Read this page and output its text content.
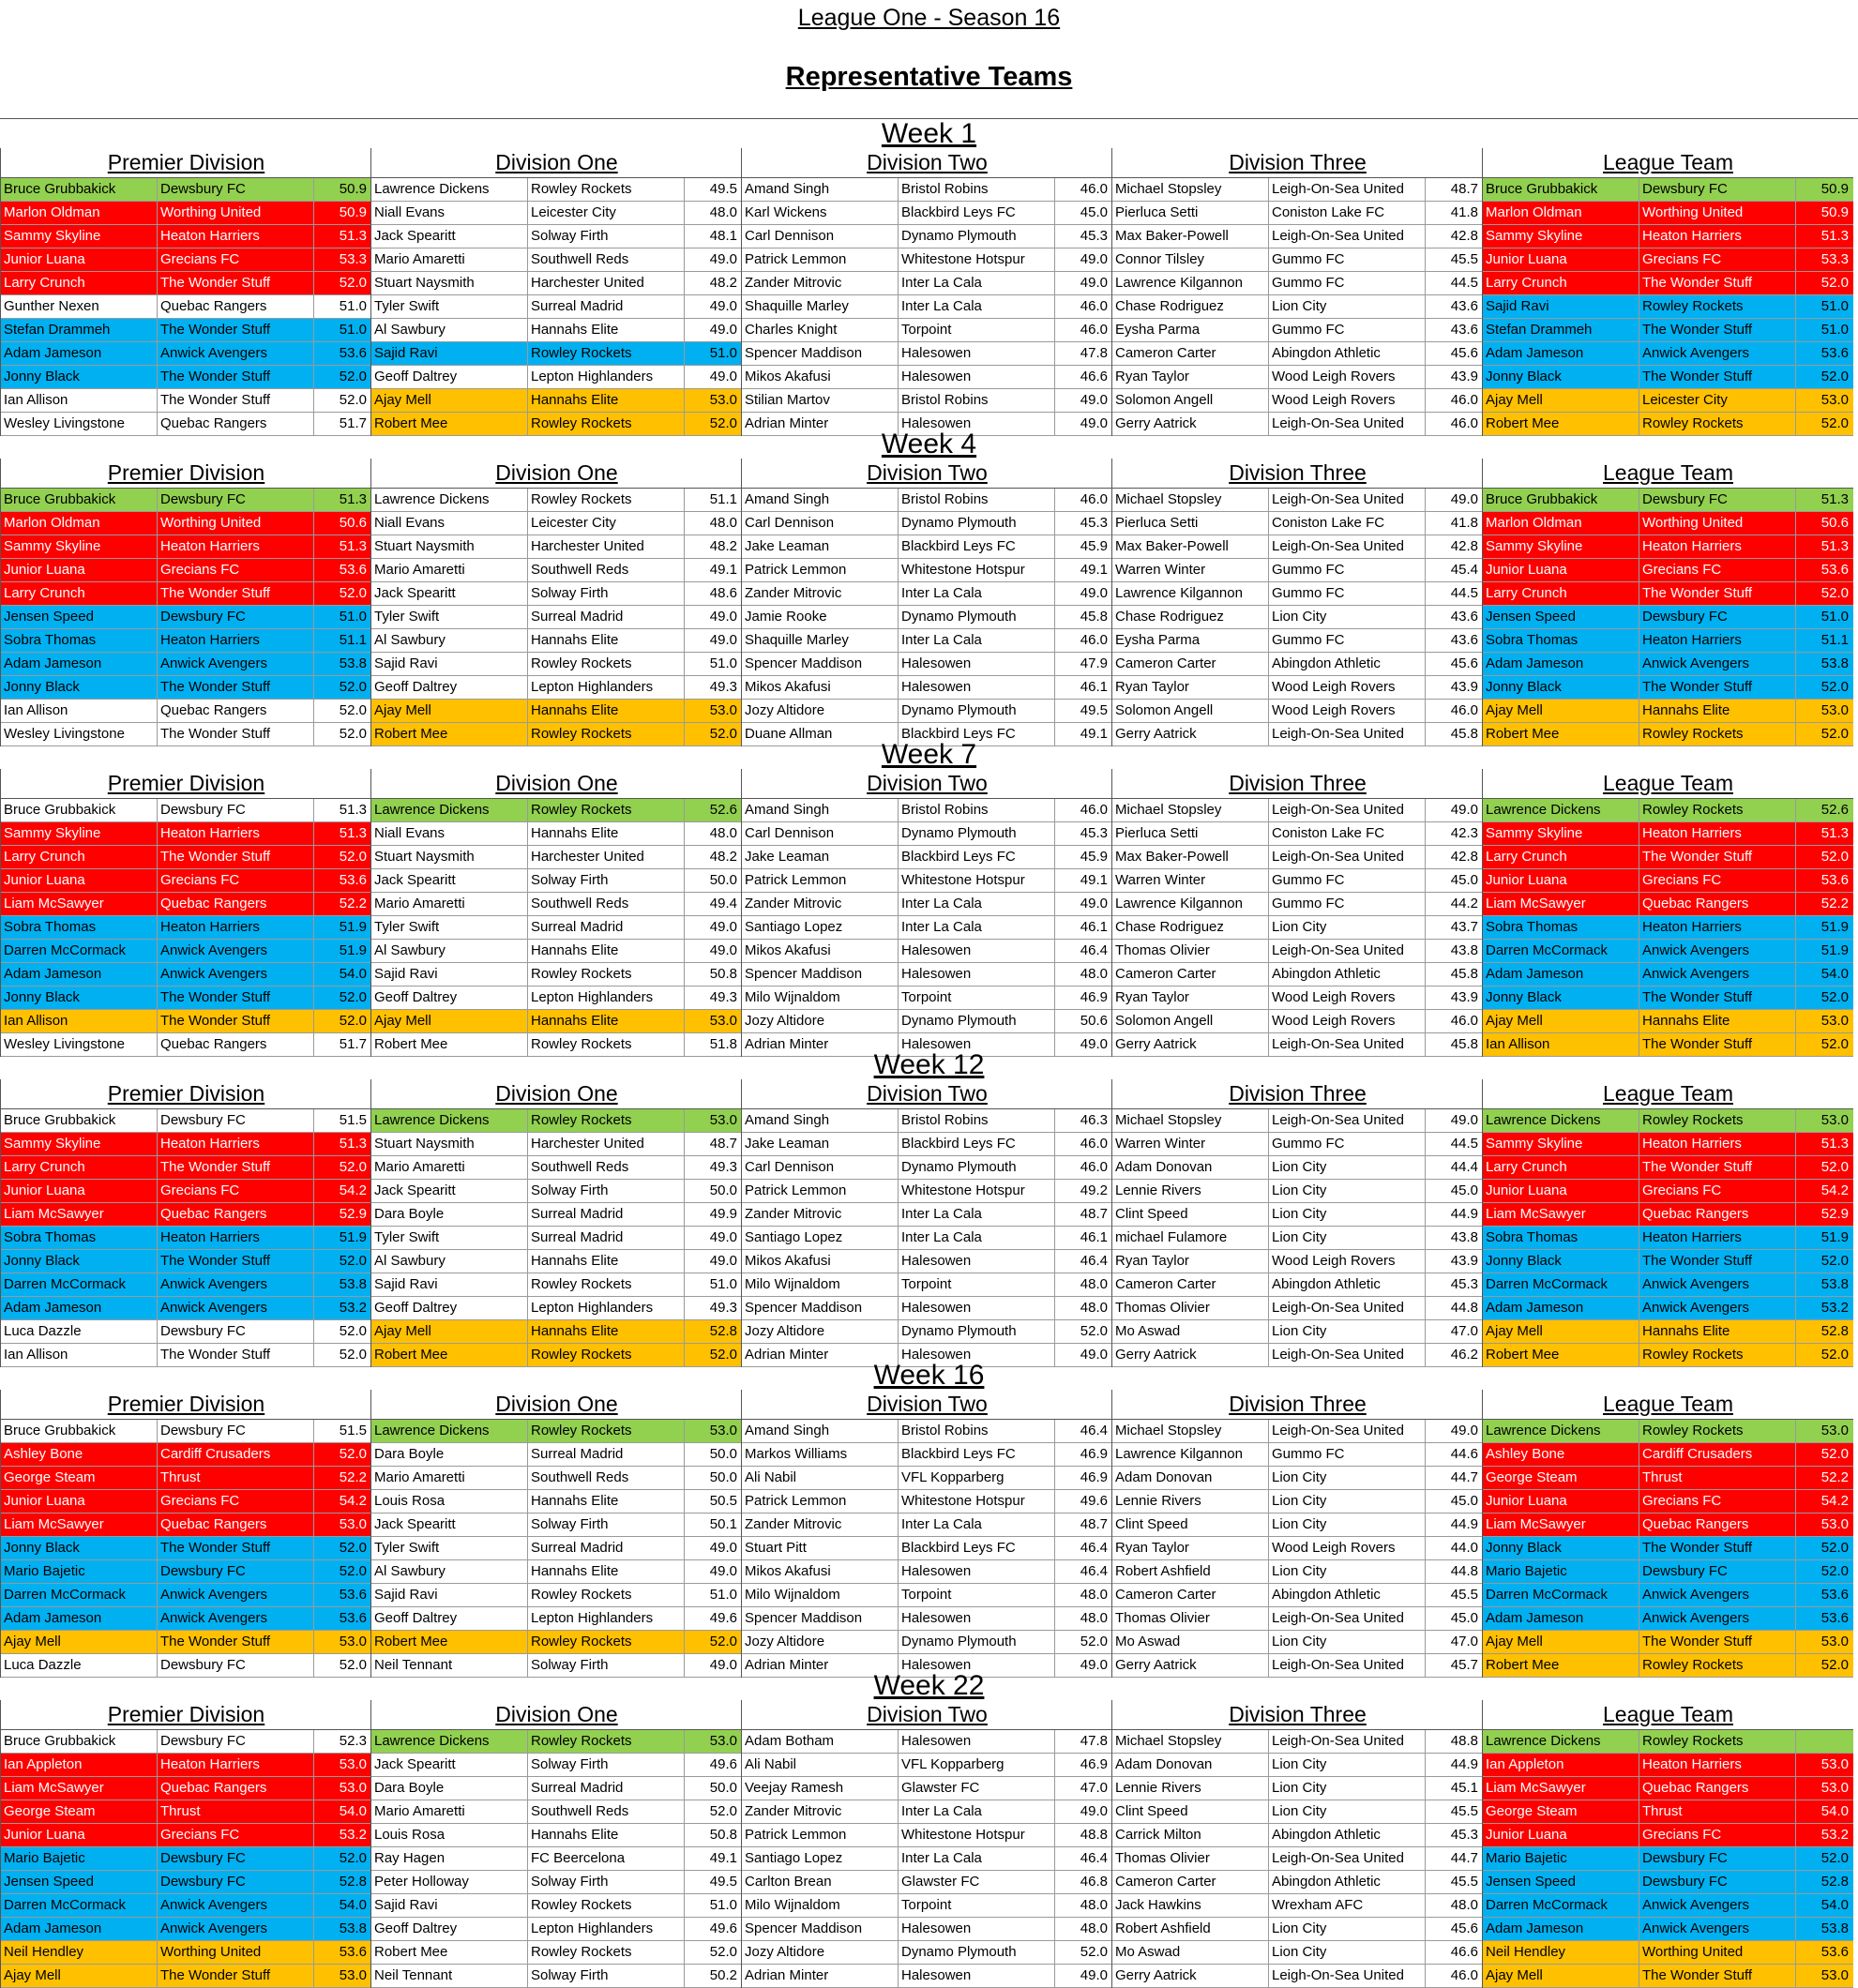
League One - Season 16
Representative Teams
Week 1
Premier Division
Bruce Grubbakick	Dewsbury FC	50.9
Marlon Oldman	Worthing United	50.9
Sammy Skyline	Heaton Harriers	51.3
Junior Luana	Grecians FC	53.3
Larry Crunch	The Wonder Stuff	52.0
Gunther Nexen	Quebac Rangers	51.0
Stefan Drammeh	The Wonder Stuff	51.0
Adam Jameson	Anwick Avengers	53.6
Jonny Black	The Wonder Stuff	52.0
Ian Allison	The Wonder Stuff	52.0
Wesley Livingstone	Quebac Rangers	51.7
Division One
Lawrence Dickens	Rowley Rockets	49.5
Niall Evans	Leicester City	48.0
Jack Spearitt	Solway Firth	48.1
Mario Amaretti	Southwell Reds	49.0
Stuart Naysmith	Harchester United	48.2
Tyler Swift	Surreal Madrid	49.0
Al Sawbury	Hannahs Elite	49.0
Sajid Ravi	Rowley Rockets	51.0
Geoff Daltrey	Lepton Highlanders	49.0
Ajay Mell	Hannahs Elite	53.0
Robert Mee	Rowley Rockets	52.0
Division Two
Amand Singh	Bristol Robins	46.0
Karl Wickens	Blackbird Leys FC	45.0
Carl Dennison	Dynamo Plymouth	45.3
Patrick Lemmon	Whitestone Hotspur	49.0
Zander Mitrovic	Inter La Cala	49.0
Shaquille Marley	Inter La Cala	46.0
Charles Knight	Torpoint	46.0
Spencer Maddison	Halesowen	47.8
Mikos Akafusi	Halesowen	46.6
Stilian Martov	Bristol Robins	49.0
Adrian Minter	Halesowen	49.0
Division Three
Michael Stopsley	Leigh-On-Sea United	48.7
Pierluca Setti	Coniston Lake FC	41.8
Max Baker-Powell	Leigh-On-Sea United	42.8
Connor Tilsley	Gummo FC	45.5
Lawrence Kilgannon	Gummo FC	44.5
Chase Rodriguez	Lion City	43.6
Eysha Parma	Gummo FC	43.6
Cameron Carter	Abingdon Athletic	45.6
Ryan Taylor	Wood Leigh Rovers	43.9
Solomon Angell	Wood Leigh Rovers	46.0
Gerry Aatrick	Leigh-On-Sea United	46.0
League Team
Bruce Grubbakick	Dewsbury FC	50.9
Marlon Oldman	Worthing United	50.9
Sammy Skyline	Heaton Harriers	51.3
Junior Luana	Grecians FC	53.3
Larry Crunch	The Wonder Stuff	52.0
Sajid Ravi	Rowley Rockets	51.0
Stefan Drammeh	The Wonder Stuff	51.0
Adam Jameson	Anwick Avengers	53.6
Jonny Black	The Wonder Stuff	52.0
Ajay Mell	Leicester City	53.0
Robert Mee	Rowley Rockets	52.0
Week 4
Premier Division
Bruce Grubbakick	Dewsbury FC	51.3
Marlon Oldman	Worthing United	50.6
Sammy Skyline	Heaton Harriers	51.3
Junior Luana	Grecians FC	53.6
Larry Crunch	The Wonder Stuff	52.0
Jensen Speed	Dewsbury FC	51.0
Sobra Thomas	Heaton Harriers	51.1
Adam Jameson	Anwick Avengers	53.8
Jonny Black	The Wonder Stuff	52.0
Ian Allison	Quebac Rangers	52.0
Wesley Livingstone	The Wonder Stuff	52.0
Division One
Lawrence Dickens	Rowley Rockets	51.1
Niall Evans	Leicester City	48.0
Stuart Naysmith	Harchester United	48.2
Mario Amaretti	Southwell Reds	49.1
Jack Spearitt	Solway Firth	48.6
Tyler Swift	Surreal Madrid	49.0
Al Sawbury	Hannahs Elite	49.0
Sajid Ravi	Rowley Rockets	51.0
Geoff Daltrey	Lepton Highlanders	49.3
Ajay Mell	Hannahs Elite	53.0
Robert Mee	Rowley Rockets	52.0
Division Two
Amand Singh	Bristol Robins	46.0
Carl Dennison	Dynamo Plymouth	45.3
Jake Leaman	Blackbird Leys FC	45.9
Patrick Lemmon	Whitestone Hotspur	49.1
Zander Mitrovic	Inter La Cala	49.0
Jamie Rooke	Dynamo Plymouth	45.8
Shaquille Marley	Inter La Cala	46.0
Spencer Maddison	Halesowen	47.9
Mikos Akafusi	Halesowen	46.1
Jozy Altidore	Dynamo Plymouth	49.5
Duane Allman	Blackbird Leys FC	49.1
Division Three
Michael Stopsley	Leigh-On-Sea United	49.0
Pierluca Setti	Coniston Lake FC	41.8
Max Baker-Powell	Leigh-On-Sea United	42.8
Warren Winter	Gummo FC	45.4
Lawrence Kilgannon	Gummo FC	44.5
Chase Rodriguez	Lion City	43.6
Eysha Parma	Gummo FC	43.6
Cameron Carter	Abingdon Athletic	45.6
Ryan Taylor	Wood Leigh Rovers	43.9
Solomon Angell	Wood Leigh Rovers	46.0
Gerry Aatrick	Leigh-On-Sea United	45.8
League Team
Bruce Grubbakick	Dewsbury FC	51.3
Marlon Oldman	Worthing United	50.6
Sammy Skyline	Heaton Harriers	51.3
Junior Luana	Grecians FC	53.6
Larry Crunch	The Wonder Stuff	52.0
Jensen Speed	Dewsbury FC	51.0
Sobra Thomas	Heaton Harriers	51.1
Adam Jameson	Anwick Avengers	53.8
Jonny Black	The Wonder Stuff	52.0
Ajay Mell	Hannahs Elite	53.0
Robert Mee	Rowley Rockets	52.0
Week 7
Premier Division
Bruce Grubbakick	Dewsbury FC	51.3
Sammy Skyline	Heaton Harriers	51.3
Larry Crunch	The Wonder Stuff	52.0
Junior Luana	Grecians FC	53.6
Liam McSawyer	Quebac Rangers	52.2
Sobra Thomas	Heaton Harriers	51.9
Darren McCormack	Anwick Avengers	51.9
Adam Jameson	Anwick Avengers	54.0
Jonny Black	The Wonder Stuff	52.0
Ian Allison	The Wonder Stuff	52.0
Wesley Livingstone	Quebac Rangers	51.7
Division One
Lawrence Dickens	Rowley Rockets	52.6
Niall Evans	Hannahs Elite	48.0
Stuart Naysmith	Harchester United	48.2
Jack Spearitt	Solway Firth	50.0
Mario Amaretti	Southwell Reds	49.4
Tyler Swift	Surreal Madrid	49.0
Al Sawbury	Hannahs Elite	49.0
Sajid Ravi	Rowley Rockets	50.8
Geoff Daltrey	Lepton Highlanders	49.3
Ajay Mell	Hannahs Elite	53.0
Robert Mee	Rowley Rockets	51.8
Division Two
Amand Singh	Bristol Robins	46.0
Carl Dennison	Dynamo Plymouth	45.3
Jake Leaman	Blackbird Leys FC	45.9
Patrick Lemmon	Whitestone Hotspur	49.1
Zander Mitrovic	Inter La Cala	49.0
Santiago Lopez	Inter La Cala	46.1
Mikos Akafusi	Halesowen	46.4
Spencer Maddison	Halesowen	48.0
Milo Wijnaldom	Torpoint	46.9
Jozy Altidore	Dynamo Plymouth	50.6
Adrian Minter	Halesowen	49.0
Division Three
Michael Stopsley	Leigh-On-Sea United	49.0
Pierluca Setti	Coniston Lake FC	42.3
Max Baker-Powell	Leigh-On-Sea United	42.8
Warren Winter	Gummo FC	45.0
Lawrence Kilgannon	Gummo FC	44.2
Chase Rodriguez	Lion City	43.7
Thomas Olivier	Leigh-On-Sea United	43.8
Cameron Carter	Abingdon Athletic	45.8
Ryan Taylor	Wood Leigh Rovers	43.9
Solomon Angell	Wood Leigh Rovers	46.0
Gerry Aatrick	Leigh-On-Sea United	45.8
League Team
Lawrence Dickens	Rowley Rockets	52.6
Sammy Skyline	Heaton Harriers	51.3
Larry Crunch	The Wonder Stuff	52.0
Junior Luana	Grecians FC	53.6
Liam McSawyer	Quebac Rangers	52.2
Sobra Thomas	Heaton Harriers	51.9
Darren McCormack	Anwick Avengers	51.9
Adam Jameson	Anwick Avengers	54.0
Jonny Black	The Wonder Stuff	52.0
Ajay Mell	Hannahs Elite	53.0
Ian Allison	The Wonder Stuff	52.0
Week 12
Premier Division
Bruce Grubbakick	Dewsbury FC	51.5
Sammy Skyline	Heaton Harriers	51.3
Larry Crunch	The Wonder Stuff	52.0
Junior Luana	Grecians FC	54.2
Liam McSawyer	Quebac Rangers	52.9
Sobra Thomas	Heaton Harriers	51.9
Jonny Black	The Wonder Stuff	52.0
Darren McCormack	Anwick Avengers	53.8
Adam Jameson	Anwick Avengers	53.2
Luca Dazzle	Dewsbury FC	52.0
Ian Allison	The Wonder Stuff	52.0
Division One
Lawrence Dickens	Rowley Rockets	53.0
Stuart Naysmith	Harchester United	48.7
Mario Amaretti	Southwell Reds	49.3
Jack Spearitt	Solway Firth	50.0
Dara Boyle	Surreal Madrid	49.9
Tyler Swift	Surreal Madrid	49.0
Al Sawbury	Hannahs Elite	49.0
Sajid Ravi	Rowley Rockets	51.0
Geoff Daltrey	Lepton Highlanders	49.3
Ajay Mell	Hannahs Elite	52.8
Robert Mee	Rowley Rockets	52.0
Division Two
Amand Singh	Bristol Robins	46.3
Jake Leaman	Blackbird Leys FC	46.0
Carl Dennison	Dynamo Plymouth	46.0
Patrick Lemmon	Whitestone Hotspur	49.2
Zander Mitrovic	Inter La Cala	48.7
Santiago Lopez	Inter La Cala	46.1
Mikos Akafusi	Halesowen	46.4
Milo Wijnaldom	Torpoint	48.0
Spencer Maddison	Halesowen	48.0
Jozy Altidore	Dynamo Plymouth	52.0
Adrian Minter	Halesowen	49.0
Division Three
Michael Stopsley	Leigh-On-Sea United	49.0
Warren Winter	Gummo FC	44.5
Adam Donovan	Lion City	44.4
Lennie Rivers	Lion City	45.0
Clint Speed	Lion City	44.9
michael Fulamore	Lion City	43.8
Ryan Taylor	Wood Leigh Rovers	43.9
Cameron Carter	Abingdon Athletic	45.3
Thomas Olivier	Leigh-On-Sea United	44.8
Mo Aswad	Lion City	47.0
Gerry Aatrick	Leigh-On-Sea United	46.2
League Team
Lawrence Dickens	Rowley Rockets	53.0
Sammy Skyline	Heaton Harriers	51.3
Larry Crunch	The Wonder Stuff	52.0
Junior Luana	Grecians FC	54.2
Liam McSawyer	Quebac Rangers	52.9
Sobra Thomas	Heaton Harriers	51.9
Jonny Black	The Wonder Stuff	52.0
Darren McCormack	Anwick Avengers	53.8
Adam Jameson	Anwick Avengers	53.2
Ajay Mell	Hannahs Elite	52.8
Robert Mee	Rowley Rockets	52.0
Week 16
Premier Division
Bruce Grubbakick	Dewsbury FC	51.5
Ashley Bone	Cardiff Crusaders	52.0
George Steam	Thrust	52.2
Junior Luana	Grecians FC	54.2
Liam McSawyer	Quebac Rangers	53.0
Jonny Black	The Wonder Stuff	52.0
Mario Bajetic	Dewsbury FC	52.0
Darren McCormack	Anwick Avengers	53.6
Adam Jameson	Anwick Avengers	53.6
Ajay Mell	The Wonder Stuff	53.0
Luca Dazzle	Dewsbury FC	52.0
Division One
Lawrence Dickens	Rowley Rockets	53.0
Dara Boyle	Surreal Madrid	50.0
Mario Amaretti	Southwell Reds	50.0
Louis Rosa	Hannahs Elite	50.5
Jack Spearitt	Solway Firth	50.1
Tyler Swift	Surreal Madrid	49.0
Al Sawbury	Hannahs Elite	49.0
Sajid Ravi	Rowley Rockets	51.0
Geoff Daltrey	Lepton Highlanders	49.6
Robert Mee	Rowley Rockets	52.0
Neil Tennant	Solway Firth	49.0
Division Two
Amand Singh	Bristol Robins	46.4
Markos Williams	Blackbird Leys FC	46.9
Ali Nabil	VFL Kopparberg	46.9
Patrick Lemmon	Whitestone Hotspur	49.6
Zander Mitrovic	Inter La Cala	48.7
Stuart Pitt	Blackbird Leys FC	46.4
Mikos Akafusi	Halesowen	46.4
Milo Wijnaldom	Torpoint	48.0
Spencer Maddison	Halesowen	48.0
Jozy Altidore	Dynamo Plymouth	52.0
Adrian Minter	Halesowen	49.0
Division Three
Michael Stopsley	Leigh-On-Sea United	49.0
Lawrence Kilgannon	Gummo FC	44.6
Adam Donovan	Lion City	44.7
Lennie Rivers	Lion City	45.0
Clint Speed	Lion City	44.9
Ryan Taylor	Wood Leigh Rovers	44.0
Robert Ashfield	Lion City	44.8
Cameron Carter	Abingdon Athletic	45.5
Thomas Olivier	Leigh-On-Sea United	45.0
Mo Aswad	Lion City	47.0
Gerry Aatrick	Leigh-On-Sea United	45.7
League Team
Lawrence Dickens	Rowley Rockets	53.0
Ashley Bone	Cardiff Crusaders	52.0
George Steam	Thrust	52.2
Junior Luana	Grecians FC	54.2
Liam McSawyer	Quebac Rangers	53.0
Jonny Black	The Wonder Stuff	52.0
Mario Bajetic	Dewsbury FC	52.0
Darren McCormack	Anwick Avengers	53.6
Adam Jameson	Anwick Avengers	53.6
Ajay Mell	The Wonder Stuff	53.0
Robert Mee	Rowley Rockets	52.0
Week 22
Premier Division
Bruce Grubbakick	Dewsbury FC	52.3
Ian Appleton	Heaton Harriers	53.0
Liam McSawyer	Quebac Rangers	53.0
George Steam	Thrust	54.0
Junior Luana	Grecians FC	53.2
Mario Bajetic	Dewsbury FC	52.0
Jensen Speed	Dewsbury FC	52.8
Darren McCormack	Anwick Avengers	54.0
Adam Jameson	Anwick Avengers	53.8
Neil Hendley	Worthing United	53.6
Ajay Mell	The Wonder Stuff	53.0
Division One
Lawrence Dickens	Rowley Rockets	53.0
Jack Spearitt	Solway Firth	49.6
Dara Boyle	Surreal Madrid	50.0
Mario Amaretti	Southwell Reds	52.0
Louis Rosa	Hannahs Elite	50.8
Ray Hagen	FC Beercelona	49.1
Peter Holloway	Solway Firth	49.5
Sajid Ravi	Rowley Rockets	51.0
Geoff Daltrey	Lepton Highlanders	49.6
Robert Mee	Rowley Rockets	52.0
Neil Tennant	Solway Firth	50.2
Division Two
Adam Botham	Halesowen	47.8
Ali Nabil	VFL Kopparberg	46.9
Veejay Ramesh	Glawster FC	47.0
Zander Mitrovic	Inter La Cala	49.0
Patrick Lemmon	Whitestone Hotspur	48.8
Santiago Lopez	Inter La Cala	46.4
Carlton Brean	Glawster FC	46.8
Milo Wijnaldom	Torpoint	48.0
Spencer Maddison	Halesowen	48.0
Jozy Altidore	Dynamo Plymouth	52.0
Adrian Minter	Halesowen	49.0
Division Three
Michael Stopsley	Leigh-On-Sea United	48.8
Adam Donovan	Lion City	44.9
Lennie Rivers	Lion City	45.1
Clint Speed	Lion City	45.5
Carrick Milton	Abingdon Athletic	45.3
Thomas Olivier	Leigh-On-Sea United	44.7
Cameron Carter	Abingdon Athletic	45.5
Jack Hawkins	Wrexham AFC	48.0
Robert Ashfield	Lion City	45.6
Mo Aswad	Lion City	46.6
Gerry Aatrick	Leigh-On-Sea United	46.0
League Team
Lawrence Dickens	Rowley Rockets
Ian Appleton	Heaton Harriers	53.0
Liam McSawyer	Quebac Rangers	53.0
George Steam	Thrust	54.0
Junior Luana	Grecians FC	53.2
Mario Bajetic	Dewsbury FC	52.0
Jensen Speed	Dewsbury FC	52.8
Darren McCormack	Anwick Avengers	54.0
Adam Jameson	Anwick Avengers	53.8
Neil Hendley	Worthing United	53.6
Ajay Mell	The Wonder Stuff	53.0
